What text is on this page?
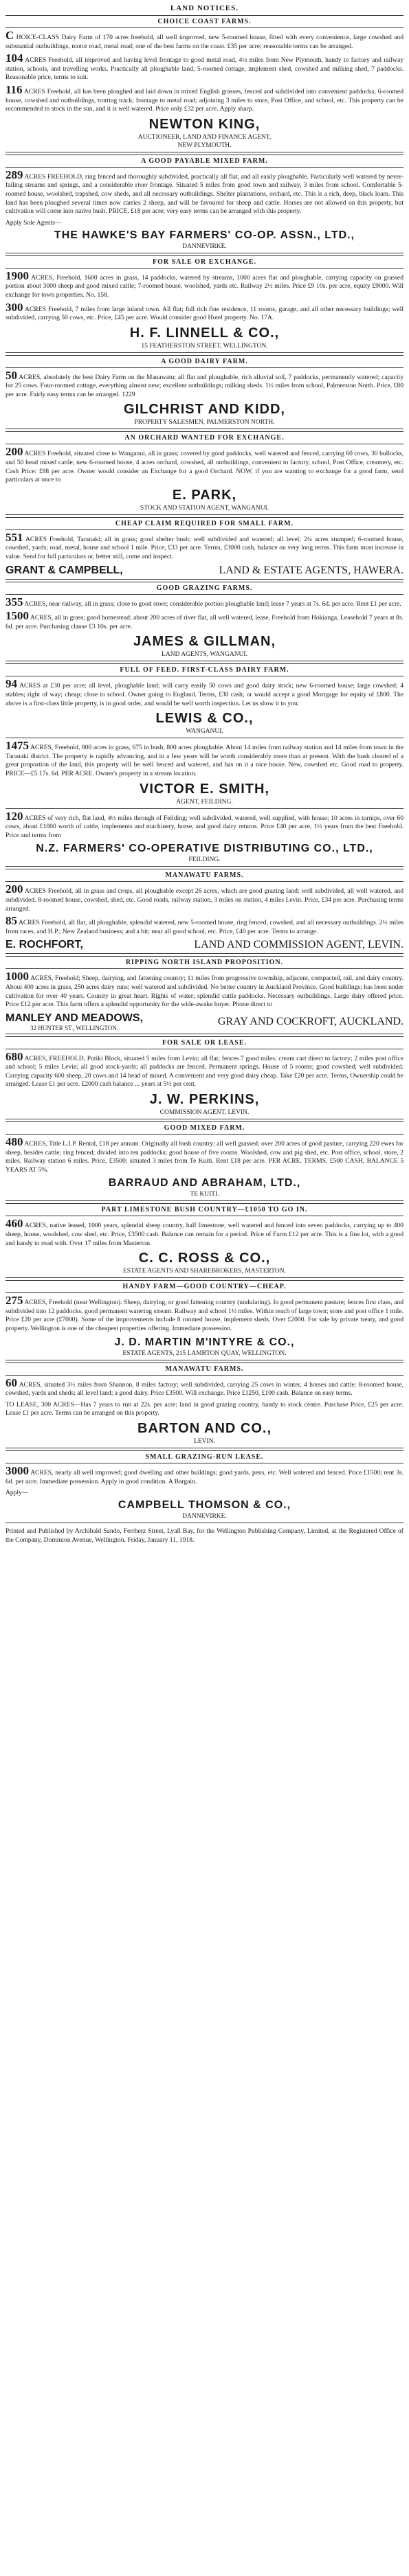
LAND NOTICES.
CHOICE COAST FARMS.

C HOICE-CLASS Dairy Farm of 170 acres freehold, all well improved, new 5-roomed house, fitted with every convenience, large cowshed and substantial outbuildings, motor road, metal road; one of the best farms on the coast. £35 per acre; reasonable terms can be arranged.

104 ACRES Freehold, all improved and having level frontage to good metal road, 4½ miles from New Plymouth, handy to factory and railway station, schools, and travelling works. Practically all ploughable land, 5-roomed cottage, implement shed, cowshed and milking shed, 7 paddocks. Reasonable price, terms to suit.

116 ACRES Freehold, all has been ploughed and laid down in mixed English grasses, fenced and subdivided into convenient paddocks; 6-roomed house, cowshed and outbuildings, trotting track; frontage to metal road; adjoining 3 miles to store, Post Office, and school, etc. This property can be recommended to stock in the sun, and it is well watered. Price only £32 per acre. Apply sharp.

NEWTON KING,

AUCTIONEER, LAND AND FINANCE AGENT,

NEW PLYMOUTH.

A GOOD PAYABLE MIXED FARM.

289 ACRES FREEHOLD, ring fenced and thoroughly subdivided, practically all flat, and all easily ploughable. Particularly well watered by never-failing streams and springs, and a considerable river frontage. Situated 5 miles from good town and railway, 3 miles from school. Comfortable 5-roomed house, woolshed, trapshed, cow sheds, and all necessary outbuildings. Shelter plantations, orchard, etc. This is a rich, deep, black loam. This land has been ploughed several times now carries 2 sheep, and will be favoured for sheep and cattle. Horses are not allowed on this property, but cultivation will come into native bush. PRICE, £18 per acre; very easy terms can be arranged with this property.

Apply Sole Agents—

THE HAWKE'S BAY FARMERS' CO-OP. ASSN., LTD.,

DANNEVIRKE.

FOR SALE OR EXCHANGE.

1900 ACRES, Freehold, 1600 acres in grass, 14 paddocks, watered by streams, 1000 acres flat and ploughable, carrying capacity on grassed portion about 3000 sheep and good mixed cattle; 7-roomed house, woolshed, yards etc. Railway 2½ miles. Price £9 10s. per acre, equity £9000. Will exchange for town properties. No. 158.

300 ACRES Freehold, 7 miles from large inland town. All flat; full rich fine residence, 11 rooms, garage, and all other necessary buildings; well subdivided, carrying 50 cows, etc. Price, £45 per acre. Would consider good Hotel property. No. 17A.

H. F. LINNELL & CO.,

15 FEATHERSTON STREET, WELLINGTON.

A GOOD DAIRY FARM.

50 ACRES, absolutely the best Dairy Farm on the Manawatu; all flat and ploughable, rich alluvial soil, 7 paddocks, permanently watered; capacity for 25 cows. Four-roomed cottage, everything almost new; excellent outbuildings; milking sheds. 1½ miles from school, Palmerston North. Price, £80 per acre. Fairly easy terms can be arranged. 1229

GILCHRIST AND KIDD,

PROPERTY SALESMEN, PALMERSTON NORTH.

AN ORCHARD WANTED FOR EXCHANGE.

200 ACRES Freehold, situated close to Wanganui, all in grass; covered by good paddocks, well watered and fenced, carrying 60 cows, 30 bullocks, and 50 head mixed cattle; new 6-roomed house, 4 acres orchard, cowshed, all outbuildings, convenient to factory, school, Post Office, creamery, etc. Cash Price: £88 per acre. Owner would consider an Exchange for a good Orchard. NOW, if you are wanting to exchange for a good farm, send particulars at once to

E. PARK,

STOCK AND STATION AGENT, WANGANUI.

CHEAP CLAIM REQUIRED FOR SMALL FARM.

551 ACRES Freehold, Taranaki; all in grass; good shelter bush; well subdivided and watered; all level; 2¼ acres stumped; 6-roomed house, cowshed, yards; road, metal, house and school 1 mile. Price, £33 per acre. Terms, £3000 cash, balance on very long terms. This farm must increase in value. Send for full particulars or, better still, come and inspect.

GRANT & CAMPBELL,	LAND & ESTATE AGENTS, HAWERA.
GOOD GRAZING FARMS.

355 ACRES, near railway, all in grass; close to good store; considerable portion ploughable land; lease 7 years at 7s. 6d. per acre. Rent £1 per acre.

1500 ACRES, all in grass; good homestead; about 200 acres of river flat, all well watered, lease, Freehold from Hokianga, Leasehold 7 years at 8s. 6d. per acre. Purchasing clause £3 10s. per acre.

JAMES & GILLMAN,

LAND AGENTS, WANGANUI.

FULL OF FEED. FIRST-CLASS DAIRY FARM.

94 ACRES at £30 per acre; all level, ploughable land; will carry easily 50 cows and good dairy stock; new 6-roomed house; large cowshed; 4 stables; right of way; cheap; close to school. Owner going to England. Terms, £30 cash; or would accept a good Mortgage for equity of £800. The above is a first-class little property, is in good order, and would be well worth inspection. Let us show it to you.

LEWIS & CO.,

WANGANUI.

1475 ACRES, Freehold, 800 acres in grass, 675 in bush, 800 acres ploughable. About 14 miles from railway station and 14 miles from town in the Taranaki district. The property is rapidly advancing, and in a few years will be worth considerably more than at present. With the bush cleared of a great proportion of the land, this property will be well fenced and watered, and has on it a nice house. New, cowshed etc. Good road to property. PRICE—£5 17s. 6d. PER ACRE. Owner's property in a stream location.

VICTOR E. SMITH,

AGENT, FEILDING.

120 ACRES of very rich, flat land, 4½ miles through of Feilding; well subdivided, watered, well supplied, with house; 10 acres in turnips, over 60 cows, about £1000 worth of cattle, implements and machinery, horse, and good dairy returns. Price £40 per acre, 1½ years from the best Freehold. Price and terms from

N.Z. FARMERS' CO-OPERATIVE DISTRIBUTING CO., LTD.,

FEILDING.

MANAWATU FARMS.

200 ACRES Freehold, all in grass and crops, all ploughable except 26 acres, which are good grazing land; well subdivided, all well watered, and subdivided. 8-roomed house, cowshed, shed, etc. Good roads, railway station, 3 miles on station, 4 miles Levin. Price, £34 per acre. Purchasing terms arranged.

85 ACRES Freehold, all flat, all ploughable, splendid watered, new 5-roomed house, ring fenced, cowshed, and all necessary outbuildings. 2½ miles from races, and H.P.; New Zealand business; and a bit; near all good school, etc. Price, £40 per acre. Terms to arrange.

E. ROCHFORT,	LAND AND COMMISSION AGENT, LEVIN.
RIPPING NORTH ISLAND PROPOSITION.

1000 ACRES, Freehold; Sheep, dairying, and fattening country; 11 miles from progressive township, adjacent, compacted, rail, and dairy country. About 400 acres in grass, 250 acres dairy runs; well watered and subdivided. No better country in Auckland Province. Good buildings; has been under cultivation for over 40 years. Country in great heart. Rights of water; splendid cattle paddocks. Necessary outbuildings. Large dairy offered price. Price £12 per acre. This farm offers a splendid opportunity for the wide-awake buyer. Phone direct to

MANLEY AND MEADOWS,
32 HUNTER ST., WELLINGTON.
GRAY AND COCKROFT, AUCKLAND.
FOR SALE OR LEASE.

680 ACRES, FREEHOLD, Putiki Block, situated 5 miles from Levin; all flat; fences 7 good miles; cream cart direct to factory; 2 miles post office and school; 5 miles Levin; all good stock-yards; all paddocks are fenced. Permanent springs. House of 5 rooms; good cowshed; well subdivided. Carrying capacity 600 sheep, 20 cows and 14 head of mixed. A convenient and very good dairy cheap. Take £20 per acre. Terms, Ownership could be arranged. Lease £1 per acre. £2000 cash balance ... years at 5½ per cent.

J. W. PERKINS,

COMMISSION AGENT, LEVIN.

GOOD MIXED FARM.

480 ACRES, Title L.I.P. Rental, £18 per annum. Originally all bush country; all well grassed; over 200 acres of good pasture, carrying 220 ewes for sheep, besides cattle; ring fenced; divided into ten paddocks; good house of five rooms. Woolshed, cow and pig shed, etc. Post office, school, store, 2 miles. Railway station 6 miles. Price, £3500; situated 3 miles from Te Kuiti. Rent £18 per acre. PER ACRE. TERMS, £500 CASH, BALANCE 5 YEARS AT 5%.

BARRAUD AND ABRAHAM, LTD.,

TE KUITI.

PART LIMESTONE BUSH COUNTRY—£1050 TO GO IN.

460 ACRES, native leased, 1000 years, splendid sheep country, half limestone, well watered and fenced into seven paddocks, carrying up to 400 sheep, house, woolshed, cow shed, etc. Price, £3500 cash. Balance can remain for a period. Price of Farm £12 per acre. This is a fine lot, with a good and handy to road with. Over 17 miles from Masterton.

C. C. ROSS & CO.,

ESTATE AGENTS AND SHAREBROKERS, MASTERTON.

HANDY FARM—GOOD COUNTRY—CHEAP.

275 ACRES, Freehold (near Wellington). Sheep, dairying, or good fattening country (undulating). In good permanent pasture; fences first class, and subdivided into 12 paddocks, good permanent watering stream. Railway and school 1½ miles. Within reach of large town; store and post office 1 mile. Price £20 per acre (£7000). Some of the improvements include 8 roomed house, implement sheds. Over £2000. For sale by private treaty, and good property. Wellington is one of the cheapest properties offering. Immediate possession.

J. D. MARTIN M'INTYRE & CO.,

ESTATE AGENTS, 215 LAMBTON QUAY, WELLINGTON.

MANAWATU FARMS.

60 ACRES, situated 3½ miles from Shannon, 8 miles factory; well subdivided, carrying 25 cows in winter, 4 horses and cattle; 8-roomed house, cowshed, yards and sheds; all level land; a good dairy. Price £3500. Will exchange. Price £1250, £100 cash. Balance on easy terms.

TO LEASE, 300 ACRES—Has 7 years to run at 22s. per acre; land in good grazing country, handy to stock centre. Purchase Price, £25 per acre. Lease £1 per acre. Terms can be arranged on this property.

BARTON AND CO.,

LEVIN.

SMALL GRAZING-RUN LEASE.

3000 ACRES, nearly all well improved; good dwelling and other buildings; good yards, pens, etc. Well watered and fenced. Price £1500; rent 3s. 6d. per acre. Immediate possession. Apply in good condition. A Bargain.

Apply—

CAMPBELL THOMSON & CO.,

DANNEVIRKE.

Printed and Published by Archibald Sando, Ferrherz Street, Lyall Bay, for the Wellington Publishing Company, Limited, at the Registered Office of the Company, Dominion Avenue, Wellington. Friday, January 11, 1918.
